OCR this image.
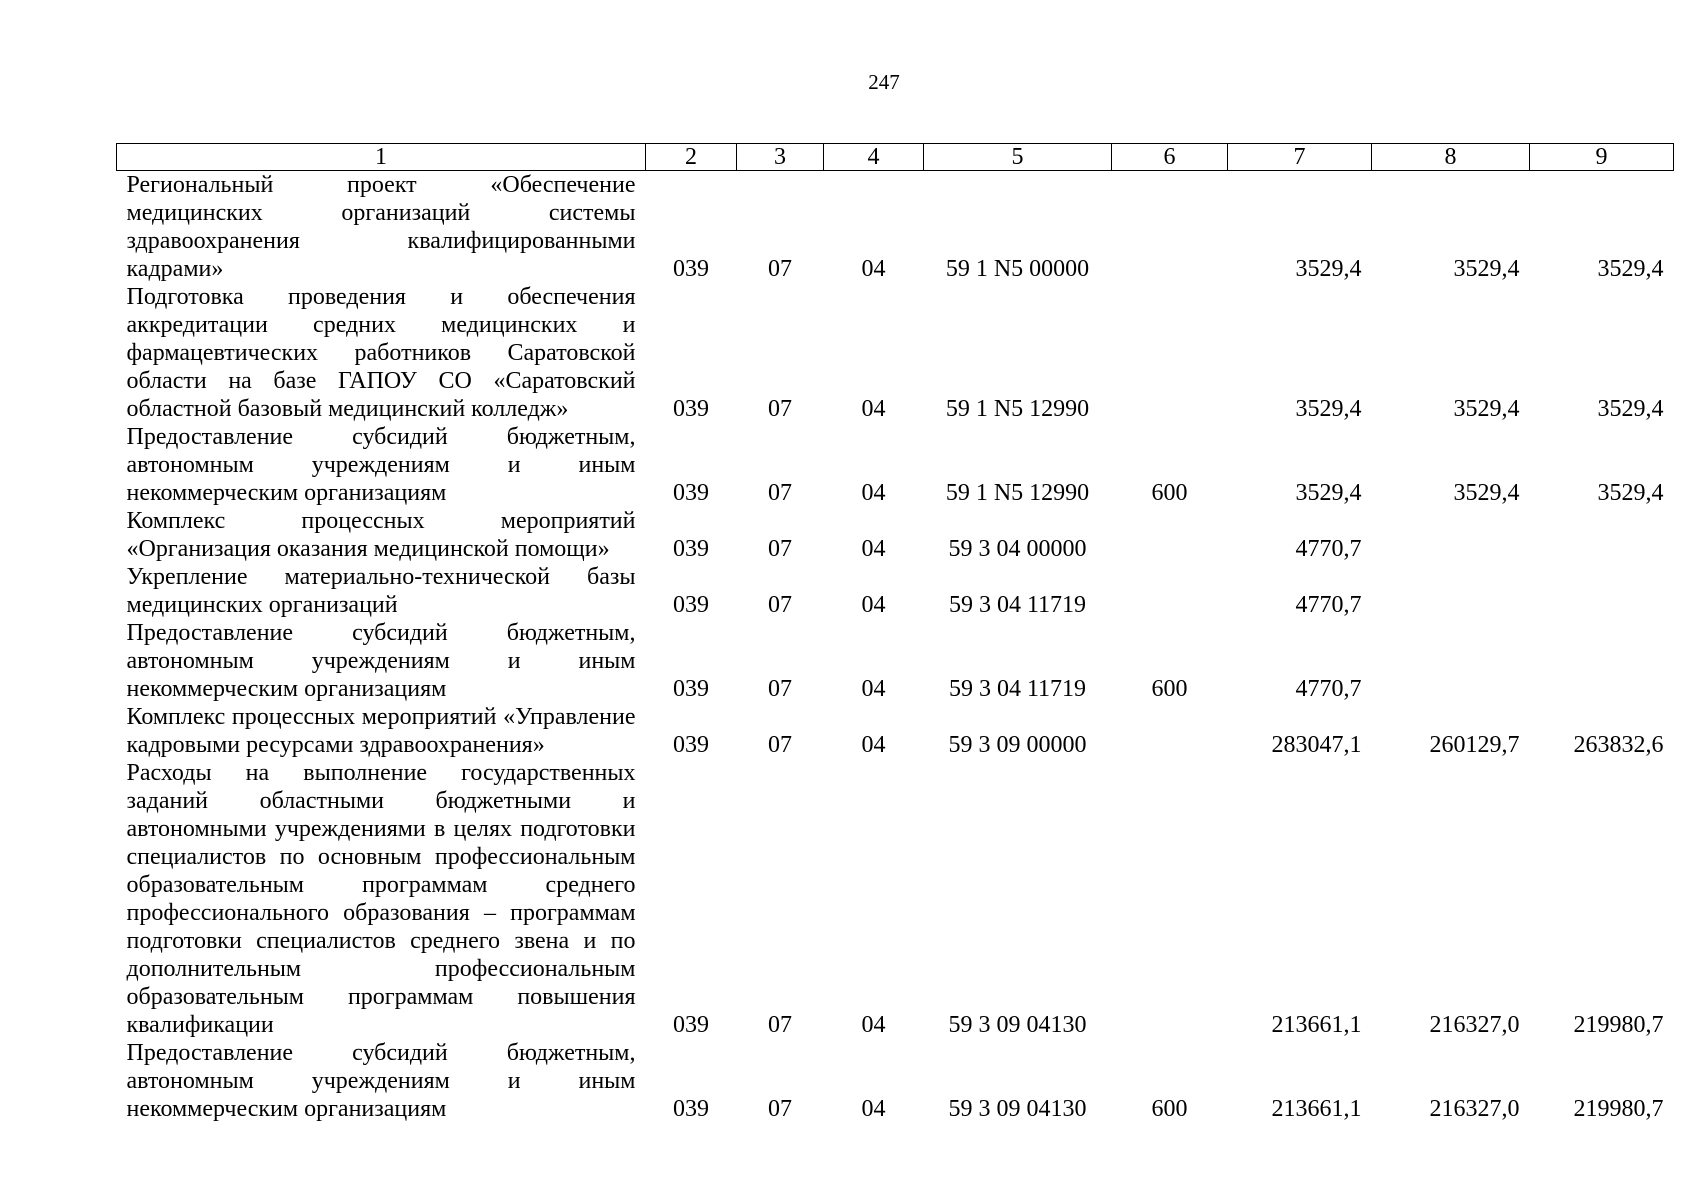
247
1	2	3	4	5	6	7	8	9
Региональный проект «Обеспечение медицинских организаций системы здравоохранения квалифицированными кадрами»	039	07	04	59 1 N5 00000		3529,4	3529,4	3529,4
Подготовка проведения и обеспечения аккредитации средних медицинских и фармацевтических работников Саратовской области на базе ГАПОУ СО «Саратовский областной базовый медицинский колледж»	039	07	04	59 1 N5 12990		3529,4	3529,4	3529,4
Предоставление субсидий бюджетным, автономным учреждениям и иным некоммерческим организациям	039	07	04	59 1 N5 12990	600	3529,4	3529,4	3529,4
Комплекс процессных мероприятий «Организация оказания медицинской помощи»	039	07	04	59 3 04 00000		4770,7		
Укрепление материально-технической базы медицинских организаций	039	07	04	59 3 04 11719		4770,7		
Предоставление субсидий бюджетным, автономным учреждениям и иным некоммерческим организациям	039	07	04	59 3 04 11719	600	4770,7		
Комплекс процессных мероприятий «Управление кадровыми ресурсами здравоохранения»	039	07	04	59 3 09 00000		283047,1	260129,7	263832,6
Расходы на выполнение государственных заданий областными бюджетными и автономными учреждениями в целях подготовки специалистов по основным профессиональным образовательным программам среднего профессионального образования – программам подготовки специалистов среднего звена и по дополнительным профессиональным образовательным программам повышения квалификации	039	07	04	59 3 09 04130		213661,1	216327,0	219980,7
Предоставление субсидий бюджетным, автономным учреждениям и иным некоммерческим организациям	039	07	04	59 3 09 04130	600	213661,1	216327,0	219980,7
